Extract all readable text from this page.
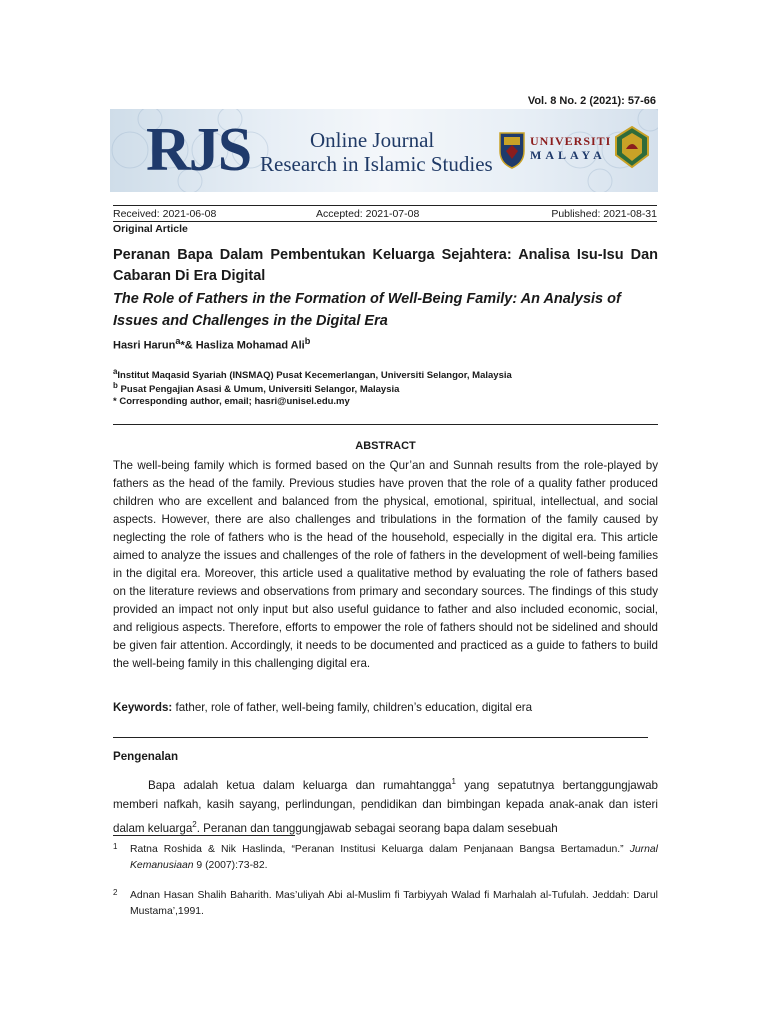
Vol. 8 No. 2 (2021): 57-66
RJS	Online Journal
Research in Islamic Studies
UNIVERSITI
MALAYA
Received: 2021-06-08	Accepted: 2021-07-08	Published: 2021-08-31
Original Article
Peranan Bapa Dalam Pembentukan Keluarga Sejahtera: Analisa Isu-Isu Dan Cabaran Di Era Digital
The Role of Fathers in the Formation of Well-Being Family: An Analysis of Issues and Challenges in the Digital Era
Hasri Harun$^a$*& Hasliza Mohamad Ali$^b$
$^a$Institut Maqasid Syariah (INSMAQ) Pusat Kecemerlangan, Universiti Selangor, Malaysia
$^b$ Pusat Pengajian Asasi & Umum, Universiti Selangor, Malaysia
* Corresponding author, email; hasri@unisel.edu.my
ABSTRACT

The well-being family which is formed based on the Qur’an and Sunnah results from the role-played by fathers as the head of the family. Previous studies have proven that the role of a quality father produced children who are excellent and balanced from the physical, emotional, spiritual, intellectual, and social aspects. However, there are also challenges and tribulations in the formation of the family caused by neglecting the role of fathers who is the head of the household, especially in the digital era. This article aimed to analyze the issues and challenges of the role of fathers in the development of well-being families in the digital era. Moreover, this article used a qualitative method by evaluating the role of fathers based on the literature reviews and observations from primary and secondary sources. The findings of this study provided an impact not only input but also useful guidance to father and also included economic, social, and religious aspects. Therefore, efforts to empower the role of fathers should not be sidelined and should be given fair attention. Accordingly, it needs to be documented and practiced as a guide to fathers to build the well-being family in this challenging digital era.

Keywords: father, role of father, well-being family, children’s education, digital era
Pengenalan

Bapa adalah ketua dalam keluarga dan rumahtangga$^1$ yang sepatutnya bertanggungjawab memberi nafkah, kasih sayang, perlindungan, pendidikan dan bimbingan kepada anak-anak dan isteri dalam keluarga$^2$. Peranan dan tanggungjawab sebagai seorang bapa dalam sesebuah

1 Ratna Roshida & Nik Haslinda, “Peranan Institusi Keluarga dalam Penjanaan Bangsa Bertamadun.” Jurnal Kemanusiaan 9 (2007):73-82.
2 Adnan Hasan Shalih Baharith. Mas’uliyah Abi al-Muslim fi Tarbiyyah Walad fi Marhalah al-Tufulah. Jeddah: Darul Mustama’,1991.
